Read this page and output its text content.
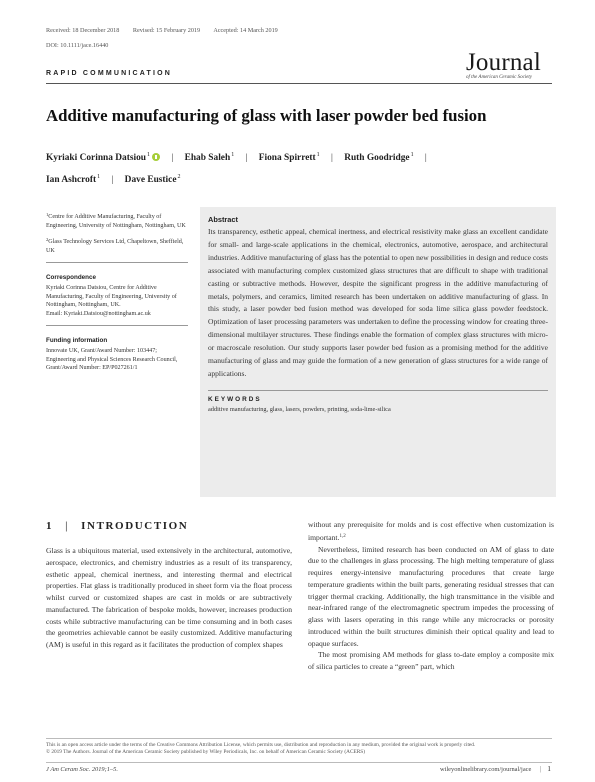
Received: 18 December 2018 Revised: 15 February 2019 Accepted: 14 March 2019
DOI: 10.1111/jace.16440
Journal
of the American Ceramic Society
RAPID COMMUNICATION
Additive manufacturing of glass with laser powder bed fusion
Kyriaki Corinna Datsiou$^1$ | Ehab Saleh$^1$ | Fiona Spirrett$^1$ | Ruth Goodridge$^1$ |
Ian Ashcroft$^1$ | Dave Eustice$^2$
$^1$Centre for Additive Manufacturing, Faculty of Engineering, University of Nottingham, Nottingham, UK
$^2$Glass Technology Services Ltd, Chapeltown, Sheffield, UK
Correspondence
Kyriaki Corinna Datsiou, Centre for Additive Manufacturing, Faculty of Engineering, University of Nottingham, Nottingham, UK.
Email: Kyriaki.Datsiou@nottingham.ac.uk
Funding information
Innovate UK, Grant/Award Number: 103447; Engineering and Physical Sciences Research Council, Grant/Award Number: EP/P027261/1
Abstract
Its transparency, esthetic appeal, chemical inertness, and electrical resistivity make glass an excellent candidate for small- and large-scale applications in the chemical, electronics, automotive, aerospace, and architectural industries. Additive manufacturing of glass has the potential to open new possibilities in design and reduce costs associated with manufacturing complex customized glass structures that are difficult to shape with traditional casting or subtractive methods. However, despite the significant progress in the additive manufacturing of metals, polymers, and ceramics, limited research has been undertaken on additive manufacturing of glass. In this study, a laser powder bed fusion method was developed for soda lime silica glass powder feedstock. Optimization of laser processing parameters was undertaken to define the processing window for creating three-dimensional multilayer structures. These findings enable the formation of complex glass structures with micro- or macroscale resolution. Our study supports laser powder bed fusion as a promising method for the additive manufacturing of glass and may guide the formation of a new generation of glass structures for a wide range of applications.
KEYWORDS
additive manufacturing, glass, lasers, powders, printing, soda-lime-silica
1 | INTRODUCTION

Glass is a ubiquitous material, used extensively in the architectural, automotive, aerospace, electronics, and chemistry industries as a result of its transparency, esthetic appeal, chemical inertness, and interesting thermal and electrical properties. Flat glass is traditionally produced in sheet form via the float process whilst curved or customized shapes are cast in molds or are subtractively manufactured. The fabrication of bespoke molds, however, increases production costs while subtractive manufacturing can be time consuming and in both cases the geometries achievable cannot be easily customized. Additive manufacturing (AM) is useful in this regard as it facilitates the production of complex shapes

without any prerequisite for molds and is cost effective when customization is important.$^{1,2}$

Nevertheless, limited research has been conducted on AM of glass to date due to the challenges in glass processing. The high melting temperature of glass requires energy-intensive manufacturing procedures that create large temperature gradients within the built parts, generating residual stresses that can trigger thermal cracking. Additionally, the high transmittance in the visible and near-infrared range of the electromagnetic spectrum impedes the processing of glass with lasers operating in this range while any microcracks or porosity introduced within the built structures diminish their optical quality and lead to opaque surfaces.

The most promising AM methods for glass to-date employ a composite mix of silica particles to create a “green” part, which

This is an open access article under the terms of the Creative Commons Attribution License, which permits use, distribution and reproduction in any medium, provided the original work is properly cited.
© 2019 The Authors. Journal of the American Ceramic Society published by Wiley Periodicals, Inc. on behalf of American Ceramic Society (ACERS)
J Am Ceram Soc. 2019;1–5.	wileyonlinelibrary.com/journal/jace
|	1
